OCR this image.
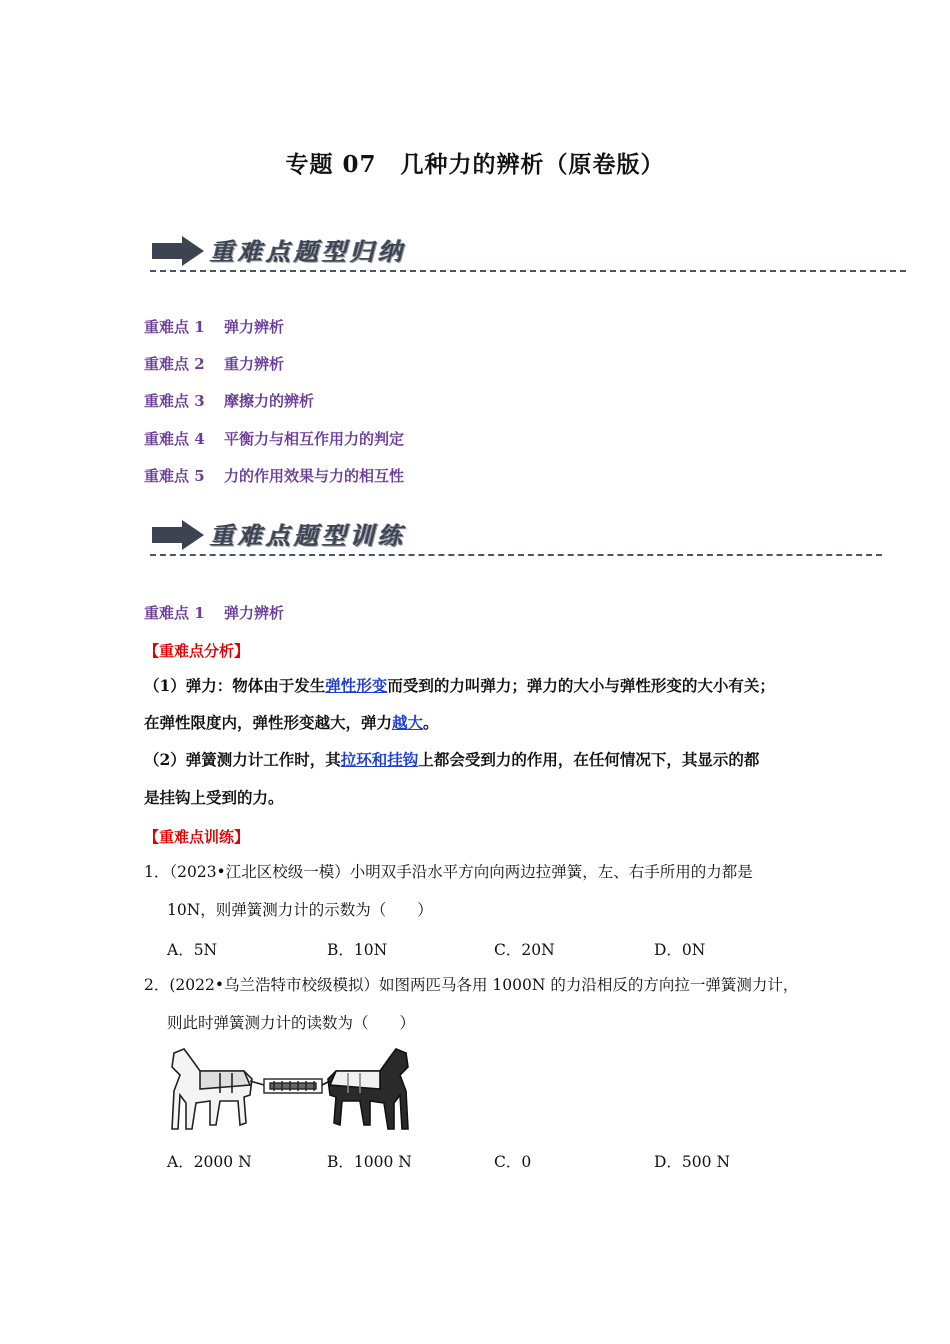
专题 07　几种力的辨析（原卷版）
重难点题型归纳
重难点 1 弹力辨析
重难点 2 重力辨析
重难点 3 摩擦力的辨析
重难点 4 平衡力与相互作用力的判定
重难点 5 力的作用效果与力的相互性
重难点题型训练
重难点 1 弹力辨析
【重难点分析】
（1）弹力：物体由于发生弹性形变而受到的力叫弹力；弹力的大小与弹性形变的大小有关；
在弹性限度内，弹性形变越大，弹力越大。
（2）弹簧测力计工作时，其拉环和挂钩上都会受到力的作用，在任何情况下，其显示的都
是挂钩上受到的力。
【重难点训练】
1．（2023•江北区校级一模）小明双手沿水平方向向两边拉弹簧，左、右手所用的力都是
10N，则弹簧测力计的示数为（　　）
A．5N	B．10N	C．20N	D．0N
2．(2022•乌兰浩特市校级模拟）如图两匹马各用 1000N 的力沿相反的方向拉一弹簧测力计，
则此时弹簧测力计的读数为（　　）
A．2000 N	B．1000 N	C．0	D．500 N
